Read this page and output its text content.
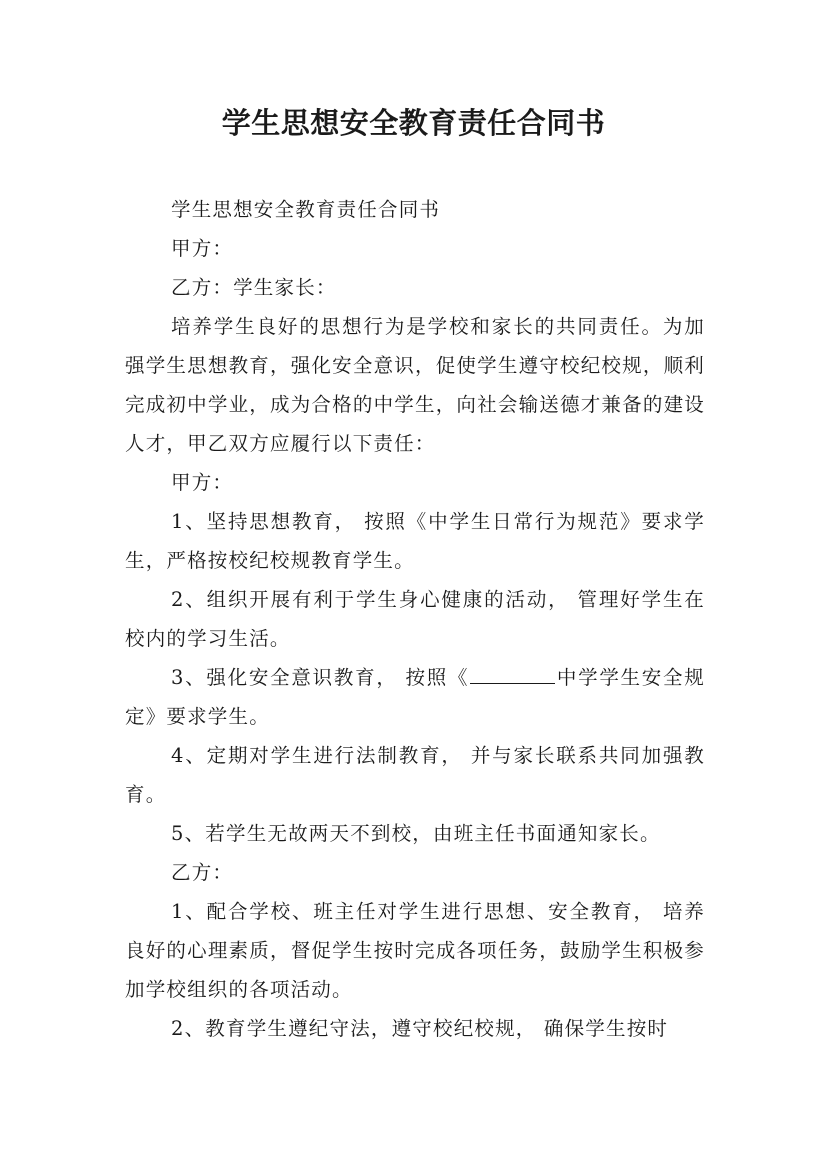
学生思想安全教育责任合同书

学生思想安全教育责任合同书

甲方：

乙方：学生家长：

培养学生良好的思想行为是学校和家长的共同责任。为加强学生思想教育，强化安全意识，促使学生遵守校纪校规，顺利完成初中学业，成为合格的中学生，向社会输送德才兼备的建设人才，甲乙双方应履行以下责任：

甲方：

1、坚持思想教育， 按照《中学生日常行为规范》要求学生，严格按校纪校规教育学生。

2、组织开展有利于学生身心健康的活动， 管理好学生在校内的学习生活。

3、强化安全意识教育， 按照《	中学学生安全规定》要求学生。

4、定期对学生进行法制教育， 并与家长联系共同加强教育。

5、若学生无故两天不到校，由班主任书面通知家长。

乙方：

1、配合学校、班主任对学生进行思想、安全教育， 培养良好的心理素质，督促学生按时完成各项任务，鼓励学生积极参加学校组织的各项活动。

2、教育学生遵纪守法，遵守校纪校规， 确保学生按时
